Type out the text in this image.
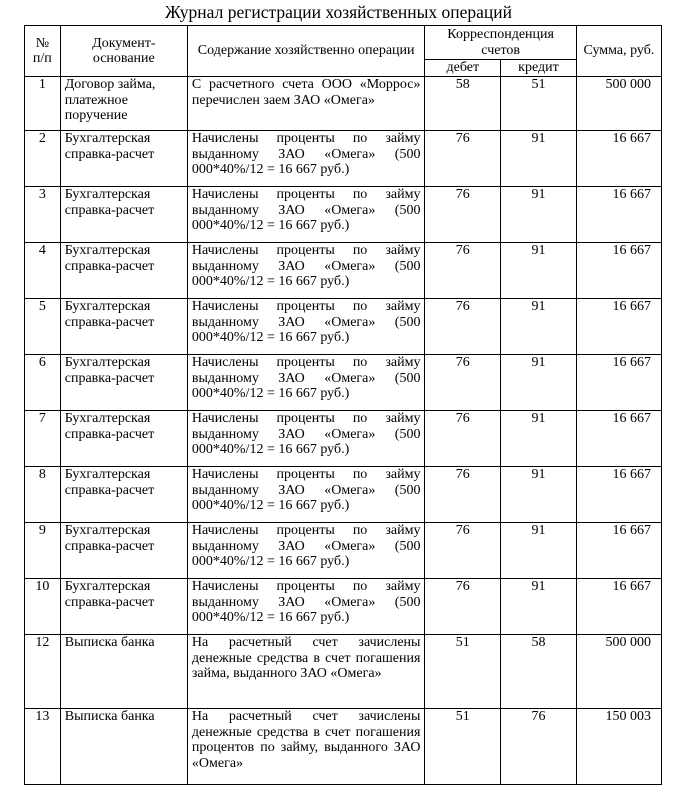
Журнал регистрации хозяйственных операций
№ п/п	Документ-основание	Содержание хозяйственно операции	Корреспонденция счетов		Сумма, руб.
			дебет	кредит	
1	Договор займа, платежное поручение	С расчетного счета ООО «Моррос» перечислен заем ЗАО «Омега»	58	51	500 000
2	Бухгалтерская справка-расчет	Начислены проценты по займу выданному ЗАО «Омега» (500 000*40%/12 = 16 667 руб.)	76	91	16 667
3	Бухгалтерская справка-расчет	Начислены проценты по займу выданному ЗАО «Омега» (500 000*40%/12 = 16 667 руб.)	76	91	16 667
4	Бухгалтерская справка-расчет	Начислены проценты по займу выданному ЗАО «Омега» (500 000*40%/12 = 16 667 руб.)	76	91	16 667
5	Бухгалтерская справка-расчет	Начислены проценты по займу выданному ЗАО «Омега» (500 000*40%/12 = 16 667 руб.)	76	91	16 667
6	Бухгалтерская справка-расчет	Начислены проценты по займу выданному ЗАО «Омега» (500 000*40%/12 = 16 667 руб.)	76	91	16 667
7	Бухгалтерская справка-расчет	Начислены проценты по займу выданному ЗАО «Омега» (500 000*40%/12 = 16 667 руб.)	76	91	16 667
8	Бухгалтерская справка-расчет	Начислены проценты по займу выданному ЗАО «Омега» (500 000*40%/12 = 16 667 руб.)	76	91	16 667
9	Бухгалтерская справка-расчет	Начислены проценты по займу выданному ЗАО «Омега» (500 000*40%/12 = 16 667 руб.)	76	91	16 667
10	Бухгалтерская справка-расчет	Начислены проценты по займу выданному ЗАО «Омега» (500 000*40%/12 = 16 667 руб.)	76	91	16 667
12	Выписка банка	На расчетный счет зачислены денежные средства в счет погашения займа, выданного ЗАО «Омега»	51	58	500 000
13	Выписка банка	На расчетный счет зачислены денежные средства в счет погашения процентов по займу, выданного ЗАО «Омега»	51	76	150 003
